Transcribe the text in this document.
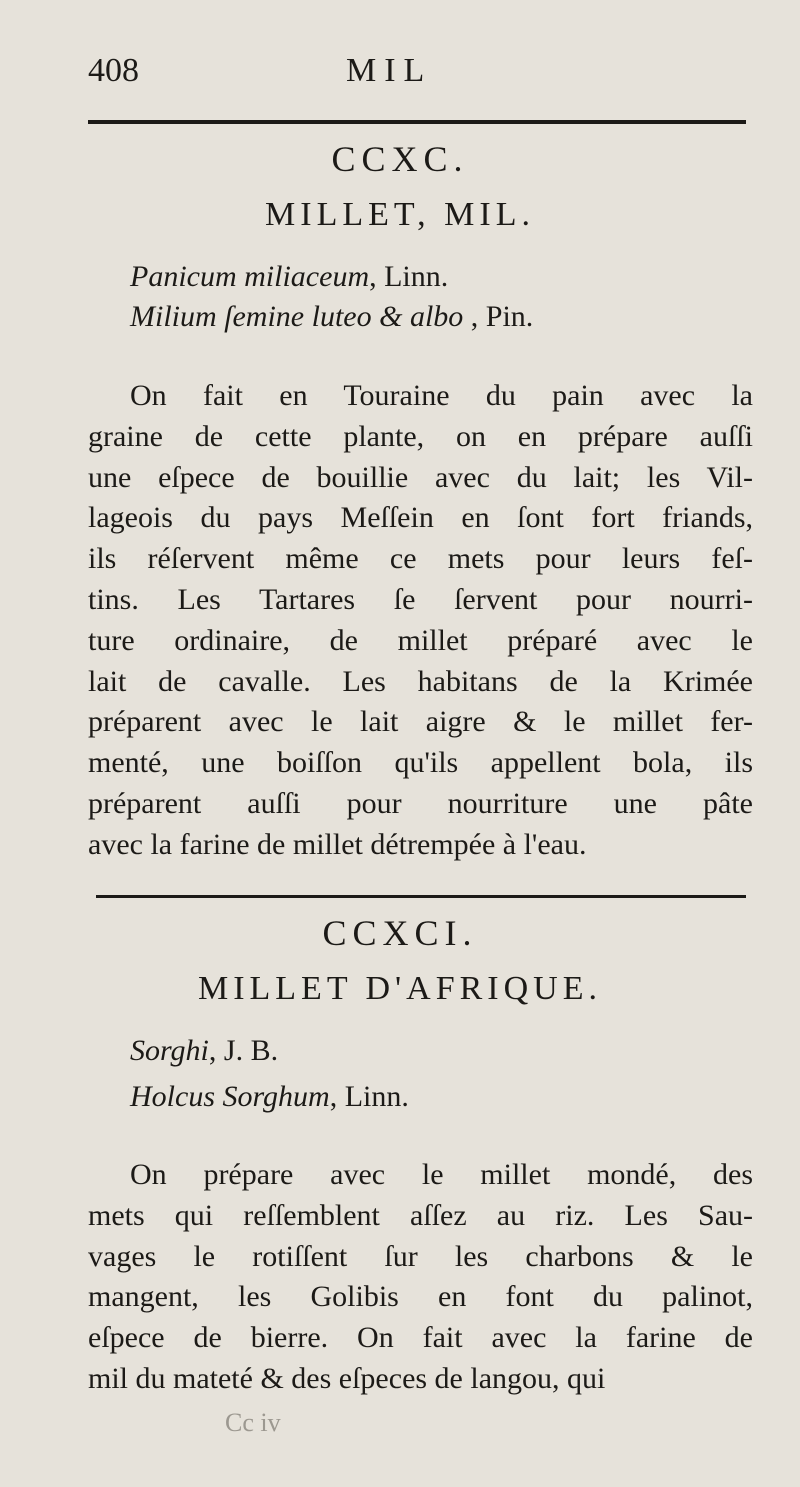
408	MIL
CCXC.
MILLET, MIL.
Panicum miliaceum, Linn.
Milium ſemine luteo & albo , Pin.
On fait en Touraine du pain avec la
graine de cette plante, on en prépare auſſi
une eſpece de bouillie avec du lait; les Vil-
lageois du pays Meſſein en ſont fort friands,
ils réſervent même ce mets pour leurs feſ-
tins. Les Tartares ſe ſervent pour nourri-
ture ordinaire, de millet préparé avec le
lait de cavalle. Les habitans de la Krimée
préparent avec le lait aigre & le millet fer-
menté, une boiſſon qu'ils appellent bola, ils
préparent auſſi pour nourriture une pâte
avec la farine de millet détrempée à l'eau.
CCXCI.
MILLET D'AFRIQUE.
Sorghi, J. B.
Holcus Sorghum, Linn.
On prépare avec le millet mondé, des
mets qui reſſemblent aſſez au riz. Les Sau-
vages le rotiſſent ſur les charbons & le
mangent, les Golibis en font du palinot,
eſpece de bierre. On fait avec la farine de
mil du mateté & des eſpeces de langou, qui
Cc iv
